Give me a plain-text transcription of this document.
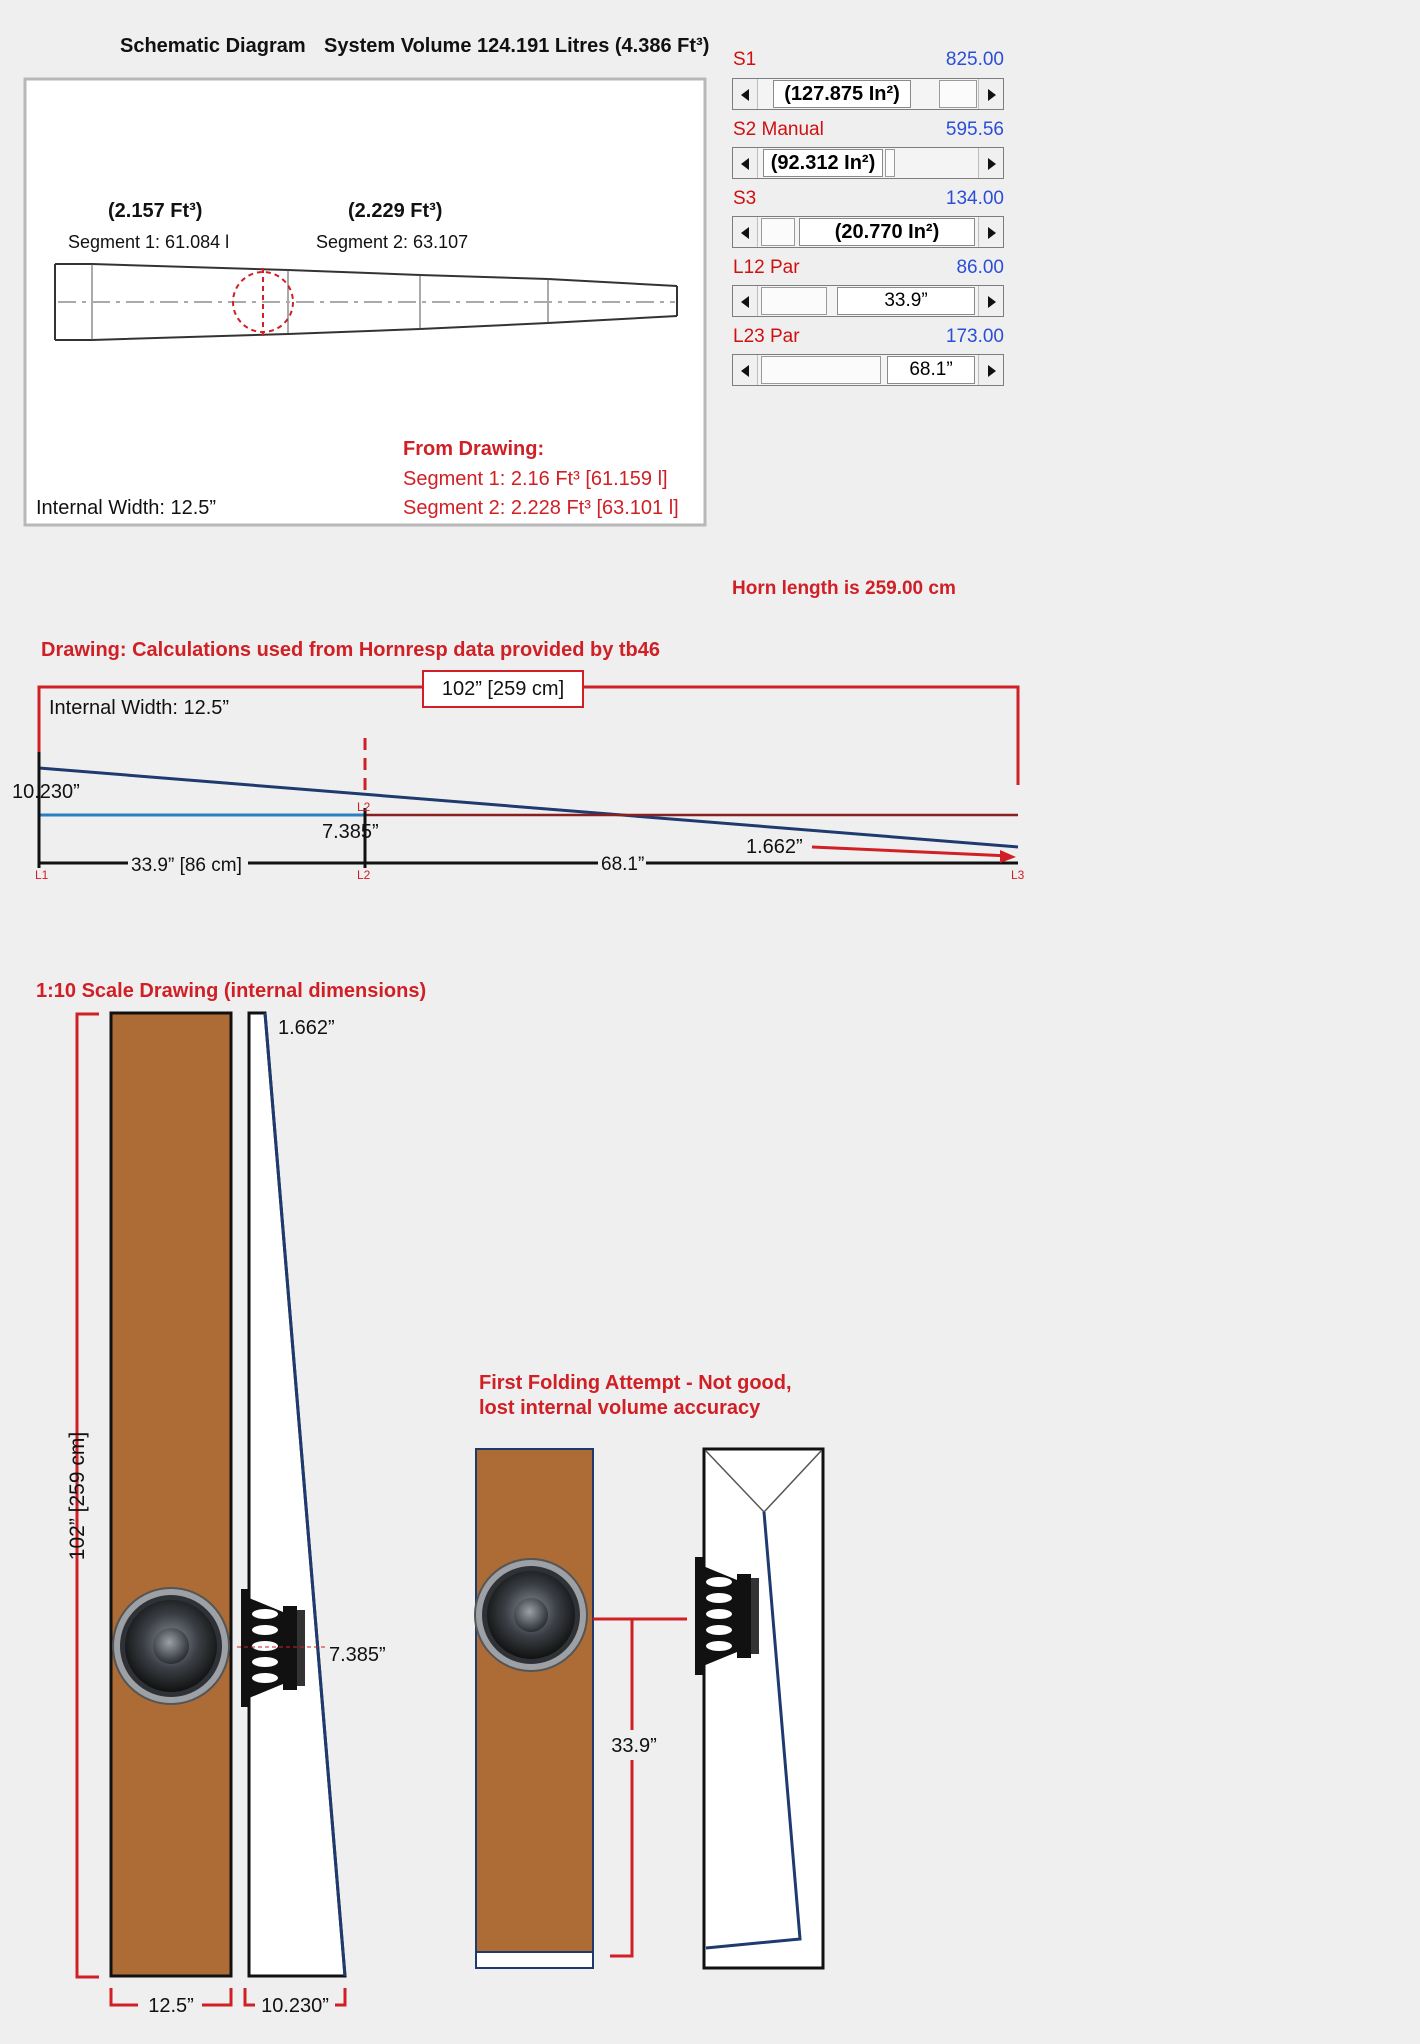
Schematic Diagram System Volume 124.191 Litres (4.386 Ft³)
(2.157 Ft³)
Segment 1: 61.084 l
(2.229 Ft³)
Segment 2: 63.107
Internal Width: 12.5”
From Drawing:
Segment 1: 2.16 Ft³ [61.159 l]
Segment 2: 2.228 Ft³ [63.101 l]
Horn length is 259.00 cm
Drawing: Calculations used from Hornresp data provided by tb46
102” [259 cm]
Internal Width: 12.5”
10.230”
7.385”
1.662”
33.9” [86 cm]	68.1”
L1
L2
L2	L3
1:10 Scale Drawing (internal dimensions)
102” [259 cm]
1.662”
7.385”
12.5”	10.230”
First Folding Attempt - Not good,
lost internal volume accuracy
33.9”
S1	825.00
(127.875 In²)
S2 Manual	595.56
(92.312 In²)
S3	134.00
(20.770 In²)
L12 Par	86.00
33.9”
L23 Par	173.00
68.1”
